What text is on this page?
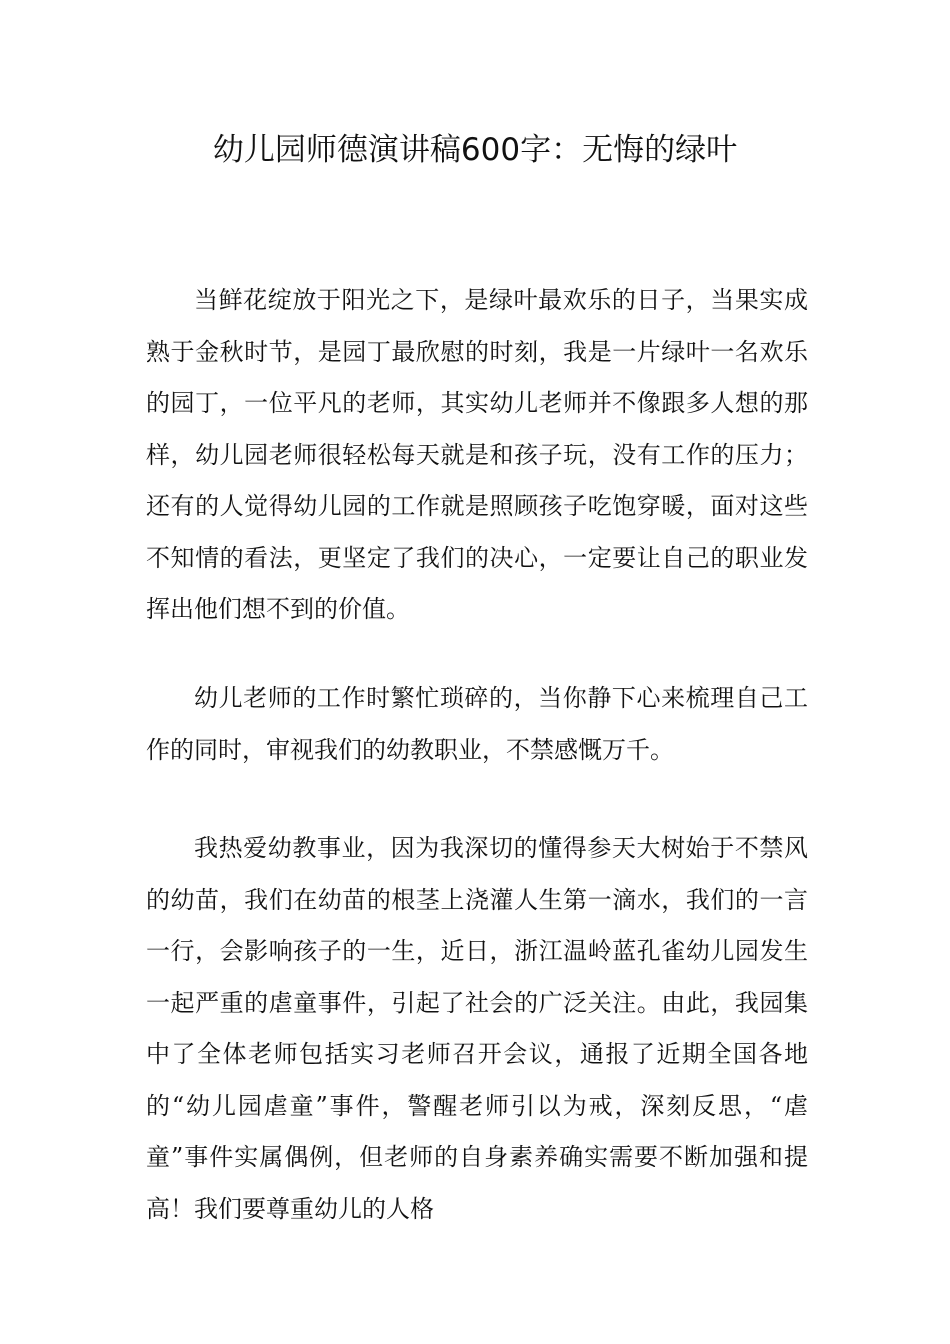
幼儿园师德演讲稿600字：无悔的绿叶

当鲜花绽放于阳光之下，是绿叶最欢乐的日子，当果实成熟于金秋时节，是园丁最欣慰的时刻，我是一片绿叶一名欢乐的园丁，一位平凡的老师，其实幼儿老师并不像跟多人想的那样，幼儿园老师很轻松每天就是和孩子玩，没有工作的压力；还有的人觉得幼儿园的工作就是照顾孩子吃饱穿暖，面对这些不知情的看法，更坚定了我们的决心，一定要让自己的职业发挥出他们想不到的价值。

幼儿老师的工作时繁忙琐碎的，当你静下心来梳理自己工作的同时，审视我们的幼教职业，不禁感慨万千。

我热爱幼教事业，因为我深切的懂得参天大树始于不禁风的幼苗，我们在幼苗的根茎上浇灌人生第一滴水，我们的一言一行，会影响孩子的一生，近日，浙江温岭蓝孔雀幼儿园发生一起严重的虐童事件，引起了社会的广泛关注。由此，我园集中了全体老师包括实习老师召开会议，通报了近期全国各地的“幼儿园虐童”事件，警醒老师引以为戒，深刻反思，“虐童”事件实属偶例，但老师的自身素养确实需要不断加强和提高！我们要尊重幼儿的人格
